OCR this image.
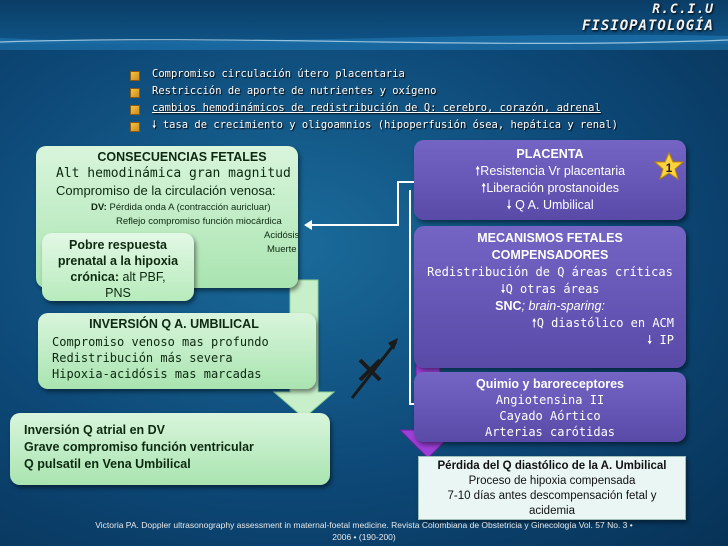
R.C.I.U
FISIOPATOLOGÍA
Compromiso circulación útero placentaria
Restricción de aporte de nutrientes y oxígeno
cambios hemodinámicos de redistribución de Q: cerebro, corazón, adrenal
🠗 tasa de crecimiento y oligoamnios (hipoperfusión ósea, hepática y renal)
CONSECUENCIAS FETALES
Alt hemodinámica gran magnitud
Compromiso de la circulación venosa:
DV: Pérdida onda A (contracción auricluar)
Reflejo compromiso función miocárdica
Acidósis
Muerte
Pobre respuesta
prenatal a la hipoxia
crónica: alt PBF,
PNS
INVERSIÓN Q A. UMBILICAL
Compromiso venoso mas profundo
Redistribución más severa
Hipoxia-acidósis mas marcadas
Inversión Q atrial en DV
Grave compromiso función ventricular
Q pulsatil en Vena Umbilical
PLACENTA
🠕Resistencia Vr placentaria
🠕Liberación prostanoides
🠗 Q A. Umbilical
1
MECANISMOS FETALES
COMPENSADORES
Redistribución de Q áreas críticas
🠗Q otras áreas
SNC; brain-sparing:
🠕Q diastólico en ACM
🠗 IP
Quimio y baroreceptores
Angiotensina II
Cayado Aórtico
Arterias carótidas
Pérdida del Q diastólico de la A. Umbilical
Proceso de hipoxia compensada
7-10 días antes descompensación fetal y
acidemia
Victoria PA. Doppler ultrasonography assessment in maternal-foetal medicine. Revista Colombiana de Obstetricia y Ginecología Vol. 57 No. 3 •
2006 • (190-200)
